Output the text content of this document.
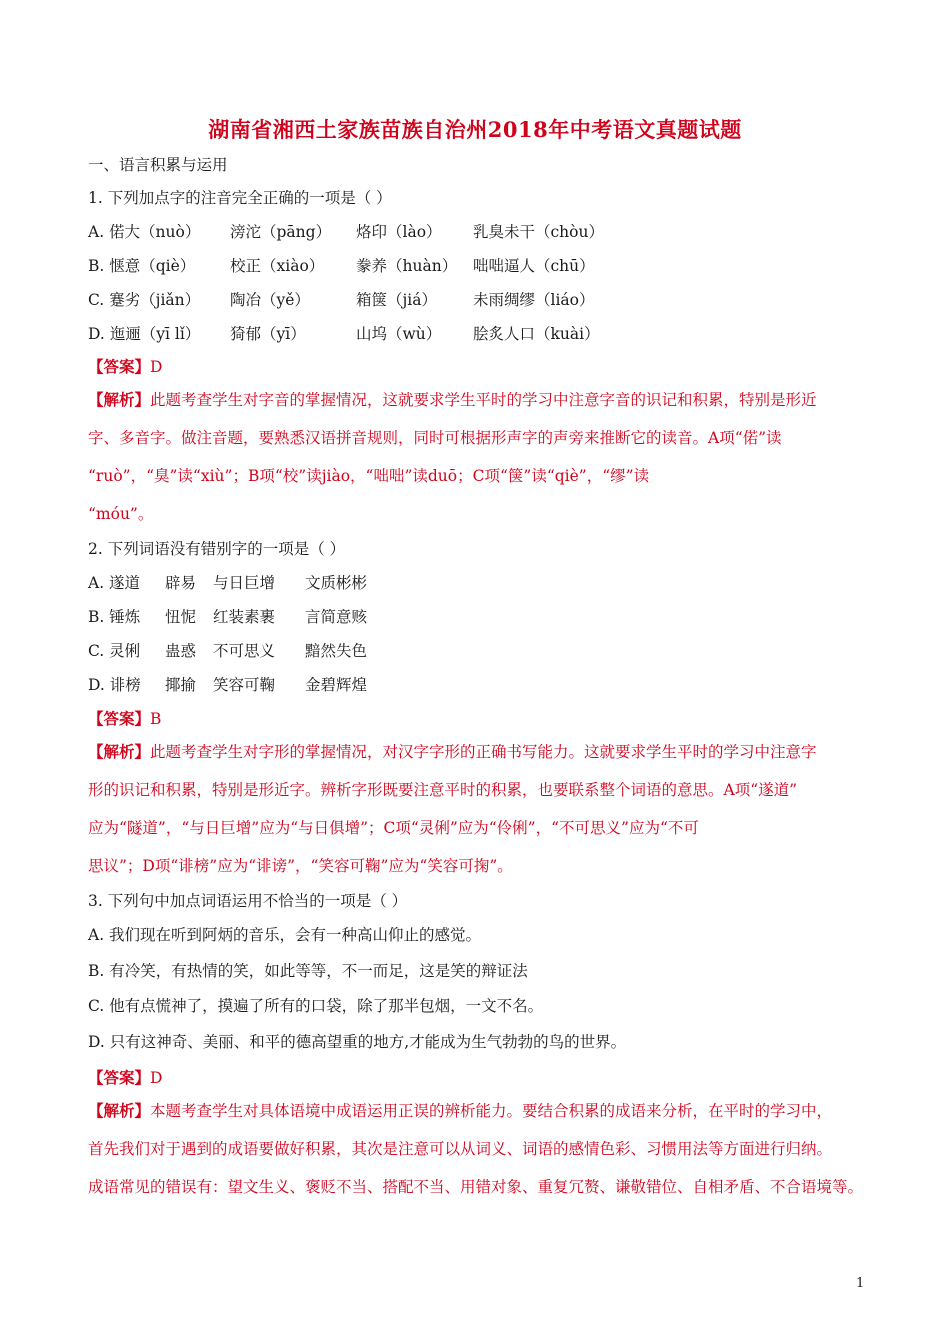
湖南省湘西土家族苗族自治州2018年中考语文真题试题
一、语言积累与运用
1. 下列加点字的注音完全正确的一项是（ ）
A. 偌大（nuò）	滂沱（pāng）	烙印（lào）	乳臭未干（chòu）
B. 惬意（qiè）	校正（xiào）	豢养（huàn）	咄咄逼人（chū）
C. 蹇劣（jiǎn）	陶冶（yě）	箱箧（jiá）	未雨绸缪（liáo）
D. 迤逦（yī lǐ）	猗郁（yī）	山坞（wù）	脍炙人口（kuài）
【答案】D
【解析】此题考查学生对字音的掌握情况，这就要求学生平时的学习中注意字音的识记和积累，特别是形近
字、多音字。做注音题，要熟悉汉语拼音规则，同时可根据形声字的声旁来推断它的读音。A项“偌”读
“ruò”，“臭”读“xiù”；B项“校”读jiào，“咄咄”读duō；C项“箧”读“qiè”，“缪”读
“móu”。
2. 下列词语没有错别字的一项是（ ）
A. 遂道	辟易	与日巨增	文质彬彬
B. 锤炼	忸怩	红装素裹	言简意赅
C. 灵俐	蛊惑	不可思义	黯然失色
D. 诽榜	揶揄	笑容可鞠	金碧辉煌
【答案】B
【解析】此题考查学生对字形的掌握情况，对汉字字形的正确书写能力。这就要求学生平时的学习中注意字
形的识记和积累，特别是形近字。辨析字形既要注意平时的积累，也要联系整个词语的意思。A项“遂道”
应为“隧道”，“与日巨增”应为“与日俱增”；C项“灵俐”应为“伶俐”，“不可思义”应为“不可
思议”；D项“诽榜”应为“诽谤”，“笑容可鞠”应为“笑容可掬”。
3. 下列句中加点词语运用不恰当的一项是（ ）
A. 我们现在听到阿炳的音乐，会有一种高山仰止的感觉。
B. 有冷笑，有热情的笑，如此等等，不一而足，这是笑的辩证法
C. 他有点慌神了，摸遍了所有的口袋，除了那半包烟，一文不名。
D. 只有这神奇、美丽、和平的德高望重的地方,才能成为生气勃勃的鸟的世界。
【答案】D
【解析】本题考查学生对具体语境中成语运用正误的辨析能力。要结合积累的成语来分析，在平时的学习中，
首先我们对于遇到的成语要做好积累，其次是注意可以从词义、词语的感情色彩、习惯用法等方面进行归纳。
成语常见的错误有：望文生义、褒贬不当、搭配不当、用错对象、重复冗赘、谦敬错位、自相矛盾、不合语境等。
1
